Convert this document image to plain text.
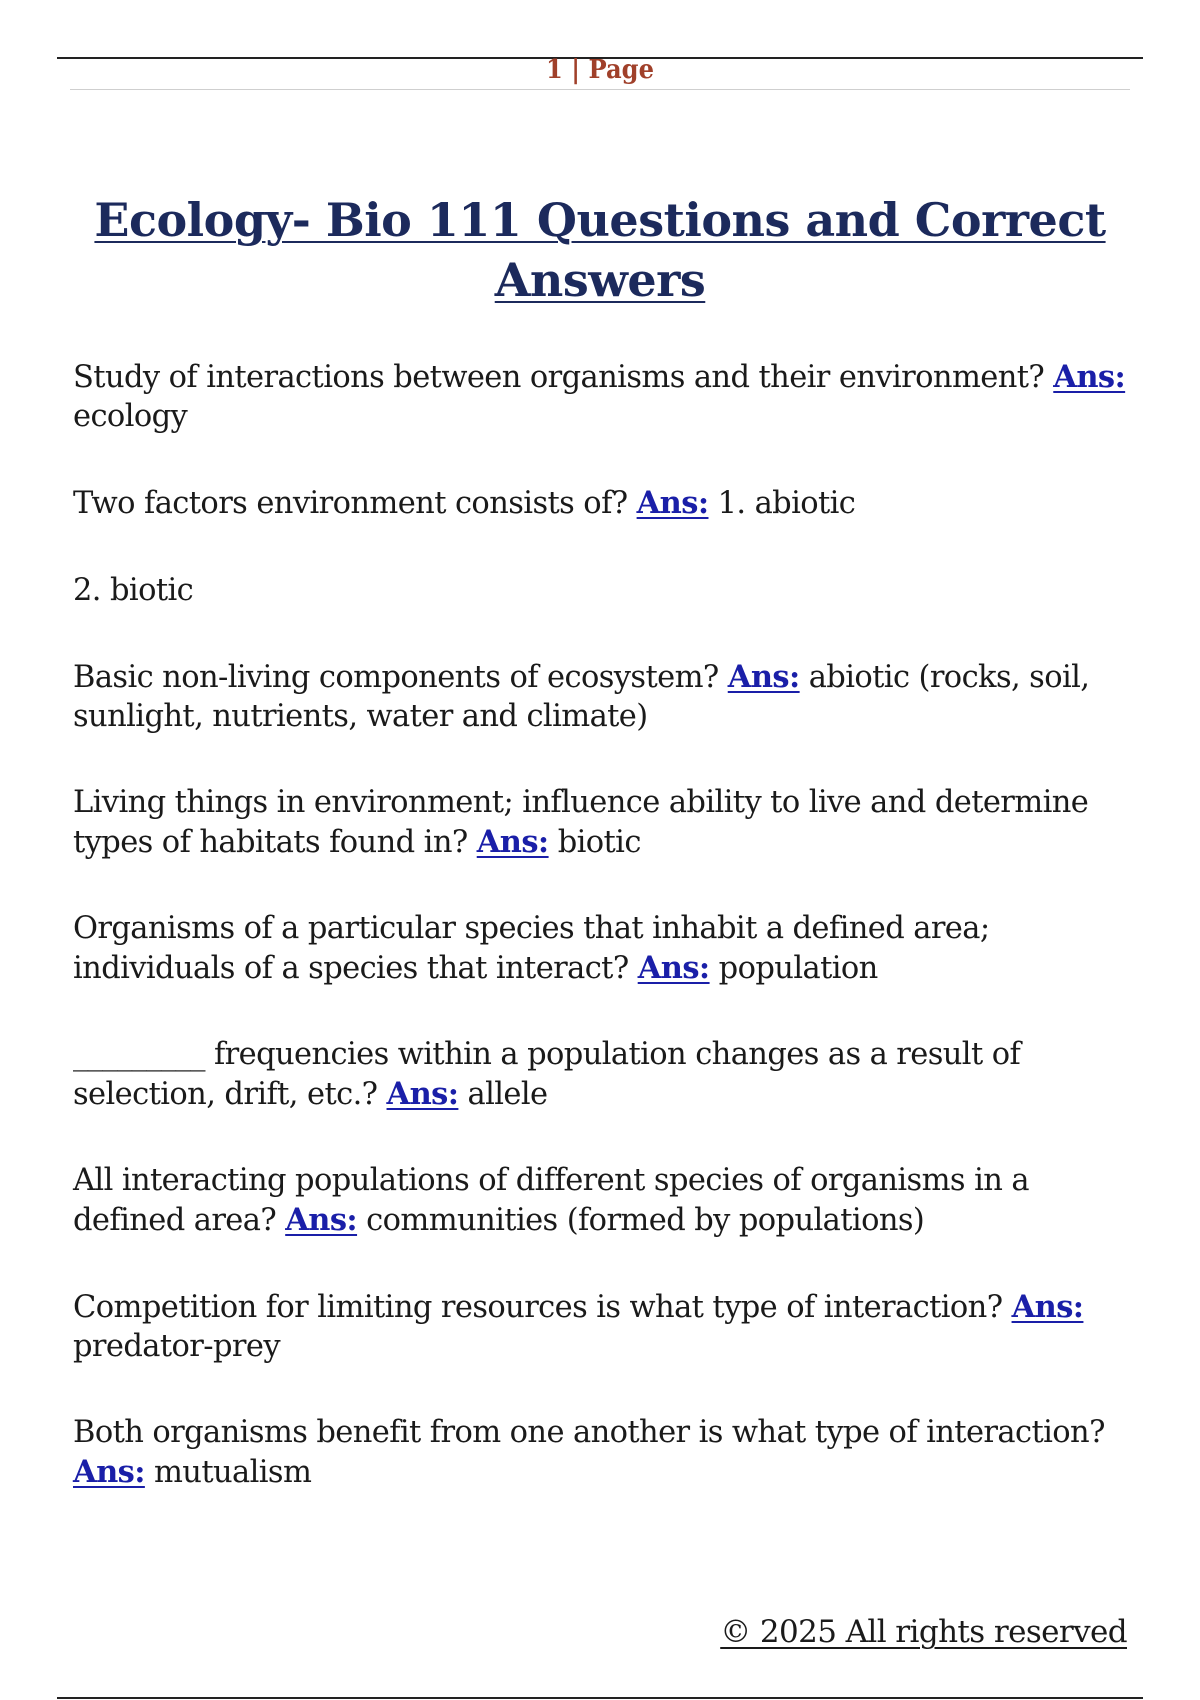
1 | Page
Ecology- Bio 111 Questions and Correct
Answers

Study of interactions between organisms and their environment? Ans: ecology

Two factors environment consists of? Ans: 1. abiotic

2. biotic

Basic non-living components of ecosystem? Ans: abiotic (rocks, soil, sunlight, nutrients, water and climate)

Living things in environment; influence ability to live and determine types of habitats found in? Ans: biotic

Organisms of a particular species that inhabit a defined area; individuals of a species that interact? Ans: population

_________ frequencies within a population changes as a result of selection, drift, etc.? Ans: allele

All interacting populations of different species of organisms in a defined area? Ans: communities (formed by populations)

Competition for limiting resources is what type of interaction? Ans: predator-prey

Both organisms benefit from one another is what type of interaction? Ans: mutualism

© 2025 All rights reserved
